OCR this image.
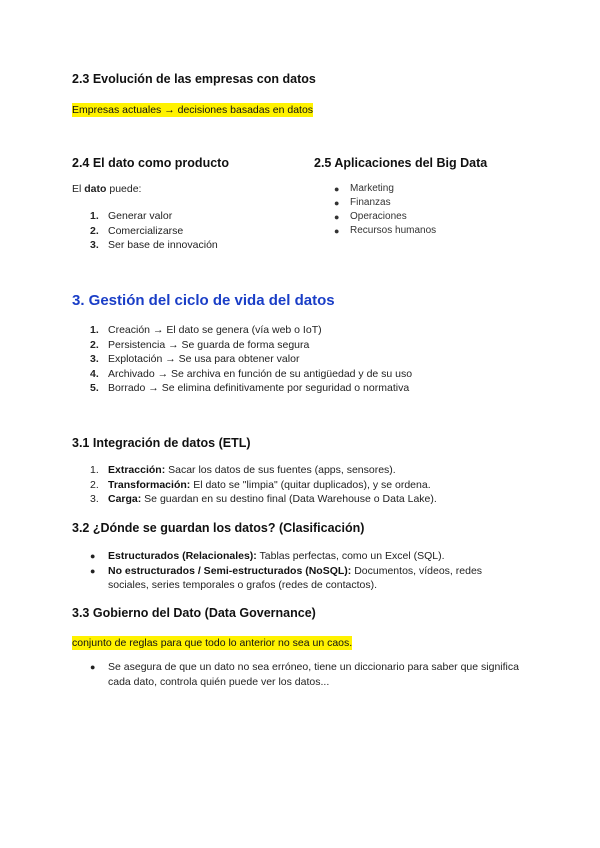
2.3 Evolución de las empresas con datos
Empresas actuales → decisiones basadas en datos
2.4 El dato como producto
El dato puede:
1. Generar valor
2. Comercializarse
3. Ser base de innovación
2.5 Aplicaciones del Big Data
●	Marketing
●	Finanzas
●	Operaciones
●	Recursos humanos
3. Gestión del ciclo de vida del datos
1. Creación → El dato se genera (vía web o IoT)
2. Persistencia → Se guarda de forma segura
3. Explotación → Se usa para obtener valor
4. Archivado → Se archiva en función de su antigüedad y de su uso
5. Borrado → Se elimina definitivamente por seguridad o normativa
3.1 Integración de datos (ETL)
1. Extracción: Sacar los datos de sus fuentes (apps, sensores).
2. Transformación: El dato se "limpia" (quitar duplicados), y se ordena.
3. Carga: Se guardan en su destino final (Data Warehouse o Data Lake).
3.2 ¿Dónde se guardan los datos? (Clasificación)
●	Estructurados (Relacionales): Tablas perfectas, como un Excel (SQL).
●	No estructurados / Semi-estructurados (NoSQL): Documentos, vídeos, redes sociales, series temporales o grafos (redes de contactos).
3.3 Gobierno del Dato (Data Governance)
conjunto de reglas para que todo lo anterior no sea un caos.
●	Se asegura de que un dato no sea erróneo, tiene un diccionario para saber que significa cada dato, controla quién puede ver los datos...
